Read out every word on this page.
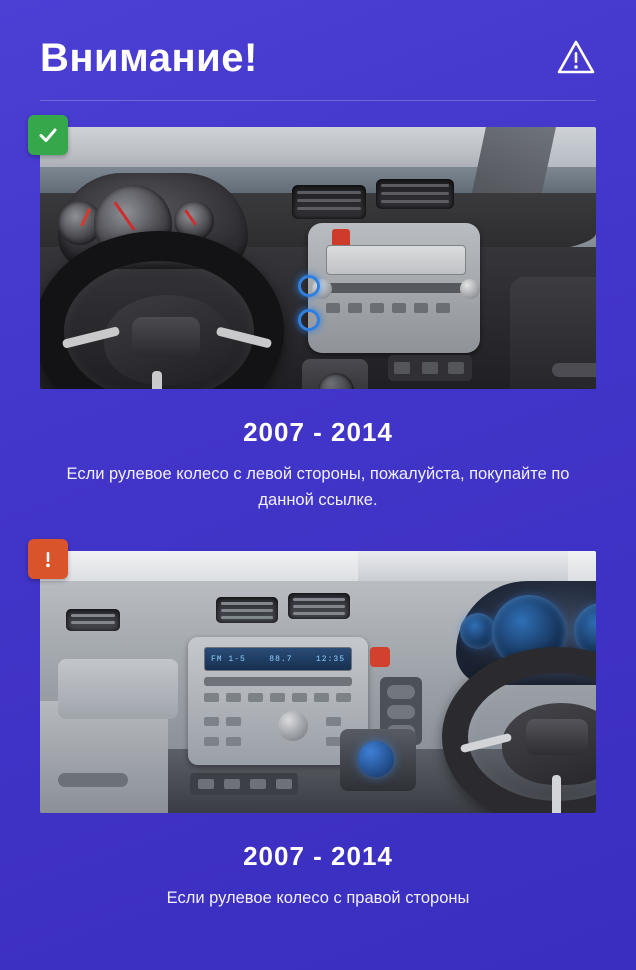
Внимание!
2007 - 2014
Если рулевое колесо с левой стороны, пожалуйста, покупайте по данной ссылке.
FM 1-5	88.7	12:35
2007 - 2014
Если рулевое колесо с правой стороны
